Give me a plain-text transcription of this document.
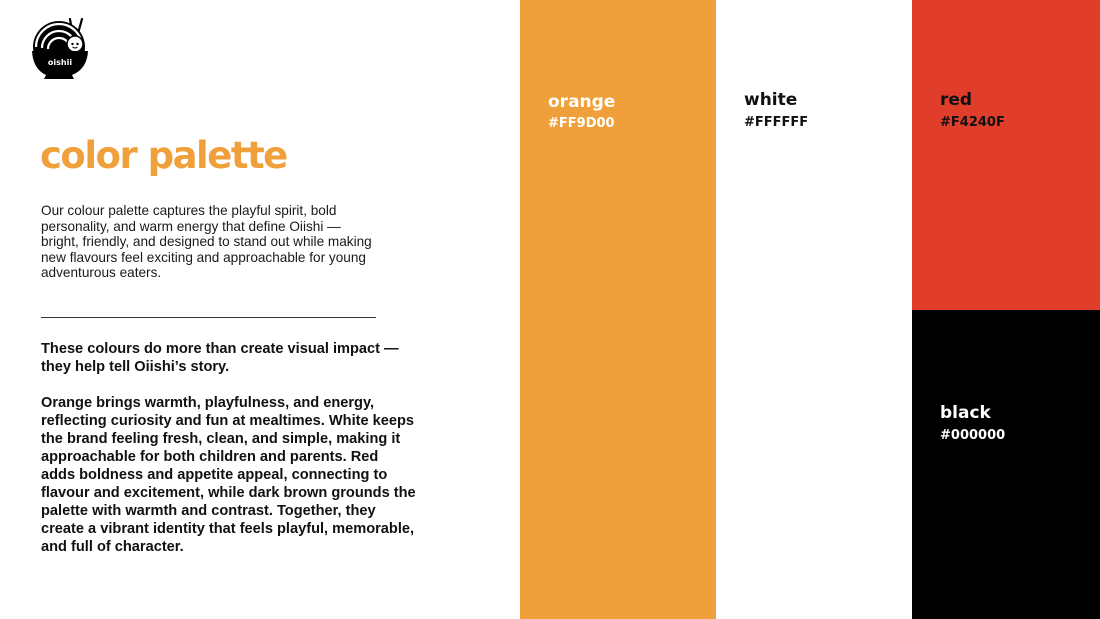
oishii
color palette

Our colour palette captures the playful spirit, bold personality, and warm energy that define Oiishi — bright, friendly, and designed to stand out while making new flavours feel exciting and approachable for young adventurous eaters.

These colours do more than create visual impact — they help tell Oiishi’s story.

Orange brings warmth, playfulness, and energy, reflecting curiosity and fun at mealtimes. White keeps the brand feeling fresh, clean, and simple, making it approachable for both children and parents. Red adds boldness and appetite appeal, connecting to flavour and excitement, while dark brown grounds the palette with warmth and contrast. Together, they create a vibrant identity that feels playful, memorable, and full of character.

orange

#FF9D00

white

#FFFFFF

red

#F4240F

black

#000000
